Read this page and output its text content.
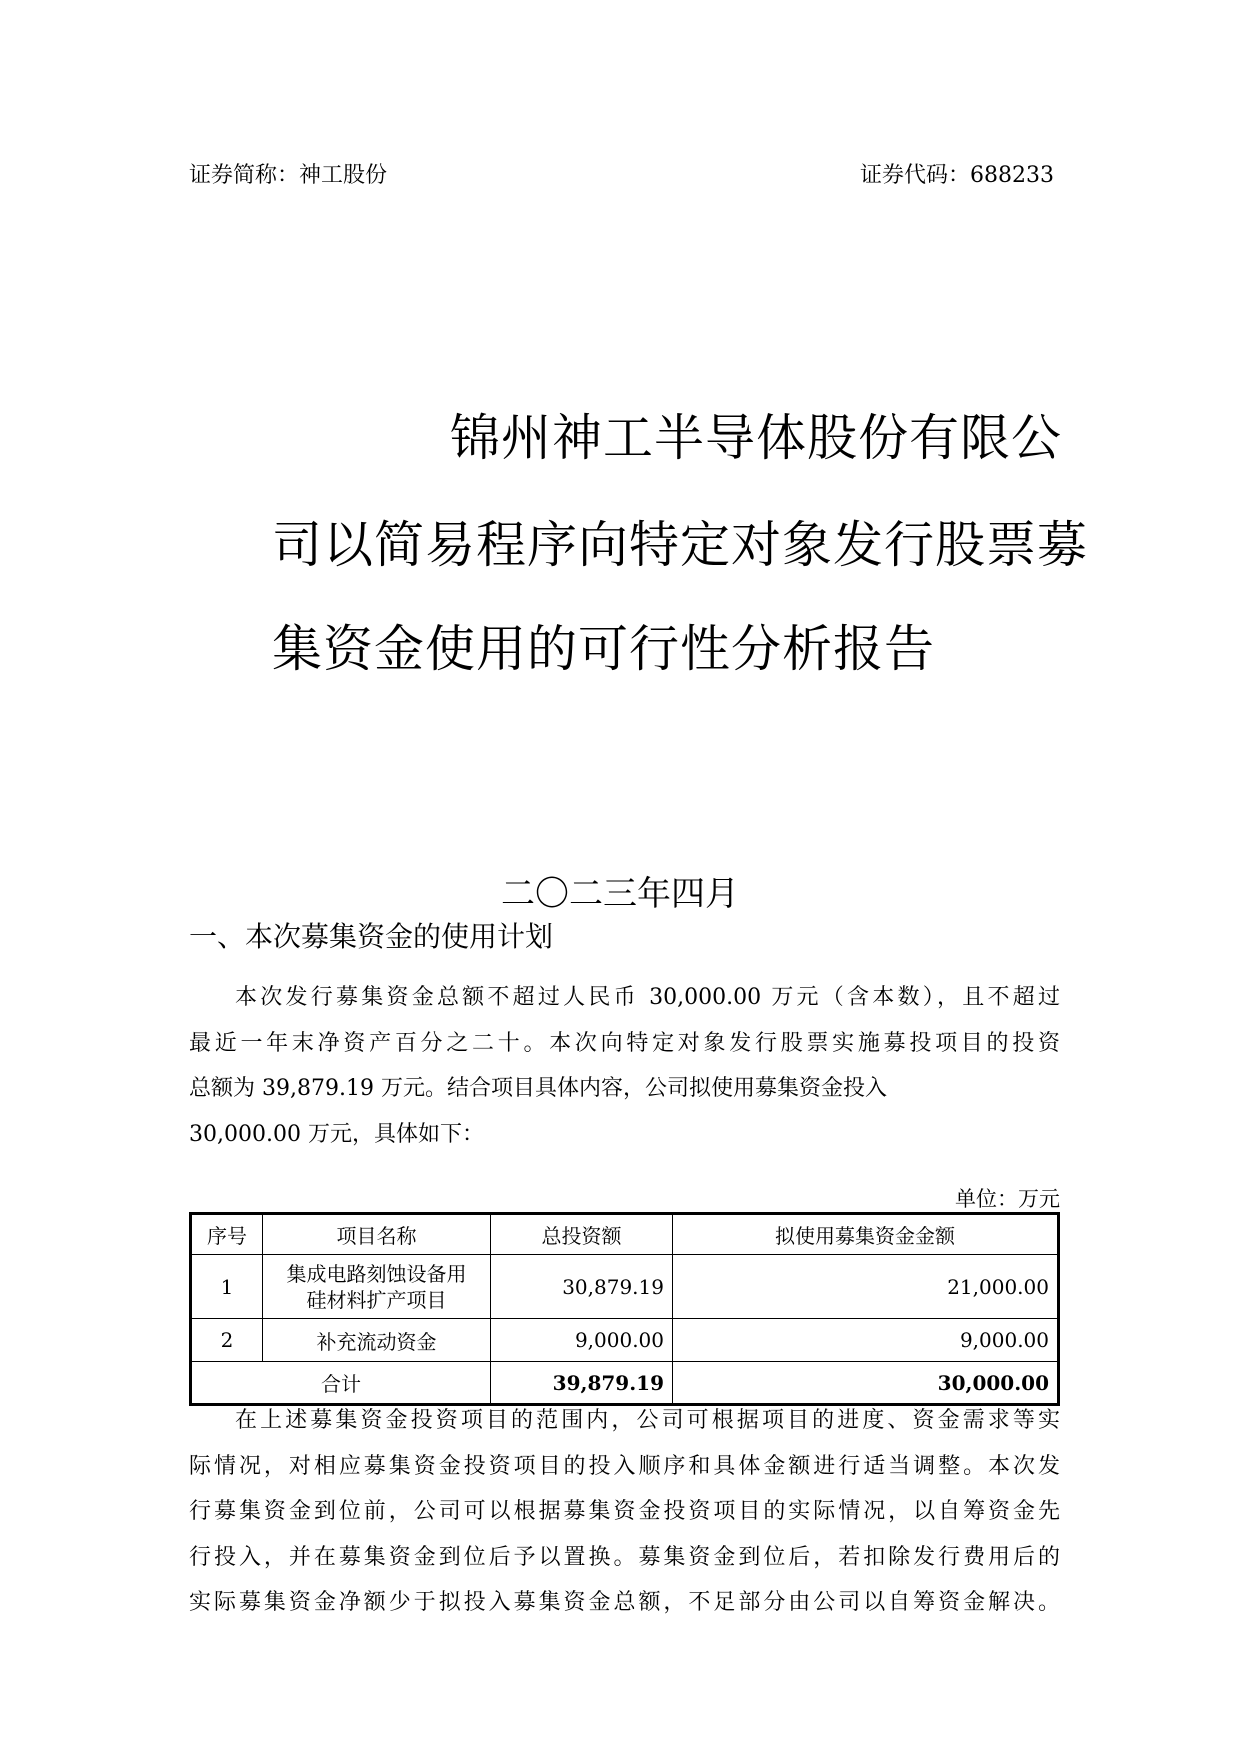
证券简称：神工股份	证券代码：688233
锦州神工半导体股份有限公
司以简易程序向特定对象发行股票募
集资金使用的可行性分析报告
二〇二三年四月
一、本次募集资金的使用计划
本次发行募集资金总额不超过人民币 30,000.00 万元（含本数），且不超过
最近一年末净资产百分之二十。本次向特定对象发行股票实施募投项目的投资
总额为 39,879.19 万元。结合项目具体内容，公司拟使用募集资金投入
30,000.00 万元，具体如下：
单位：万元
序号	项目名称	总投资额	拟使用募集资金金额
1	集成电路刻蚀设备用硅材料扩产项目	30,879.19	21,000.00
2	补充流动资金	9,000.00	9,000.00
合计		39,879.19	30,000.00
在上述募集资金投资项目的范围内，公司可根据项目的进度、资金需求等实
际情况，对相应募集资金投资项目的投入顺序和具体金额进行适当调整。本次发
行募集资金到位前，公司可以根据募集资金投资项目的实际情况，以自筹资金先
行投入，并在募集资金到位后予以置换。募集资金到位后，若扣除发行费用后的
实际募集资金净额少于拟投入募集资金总额，不足部分由公司以自筹资金解决。
